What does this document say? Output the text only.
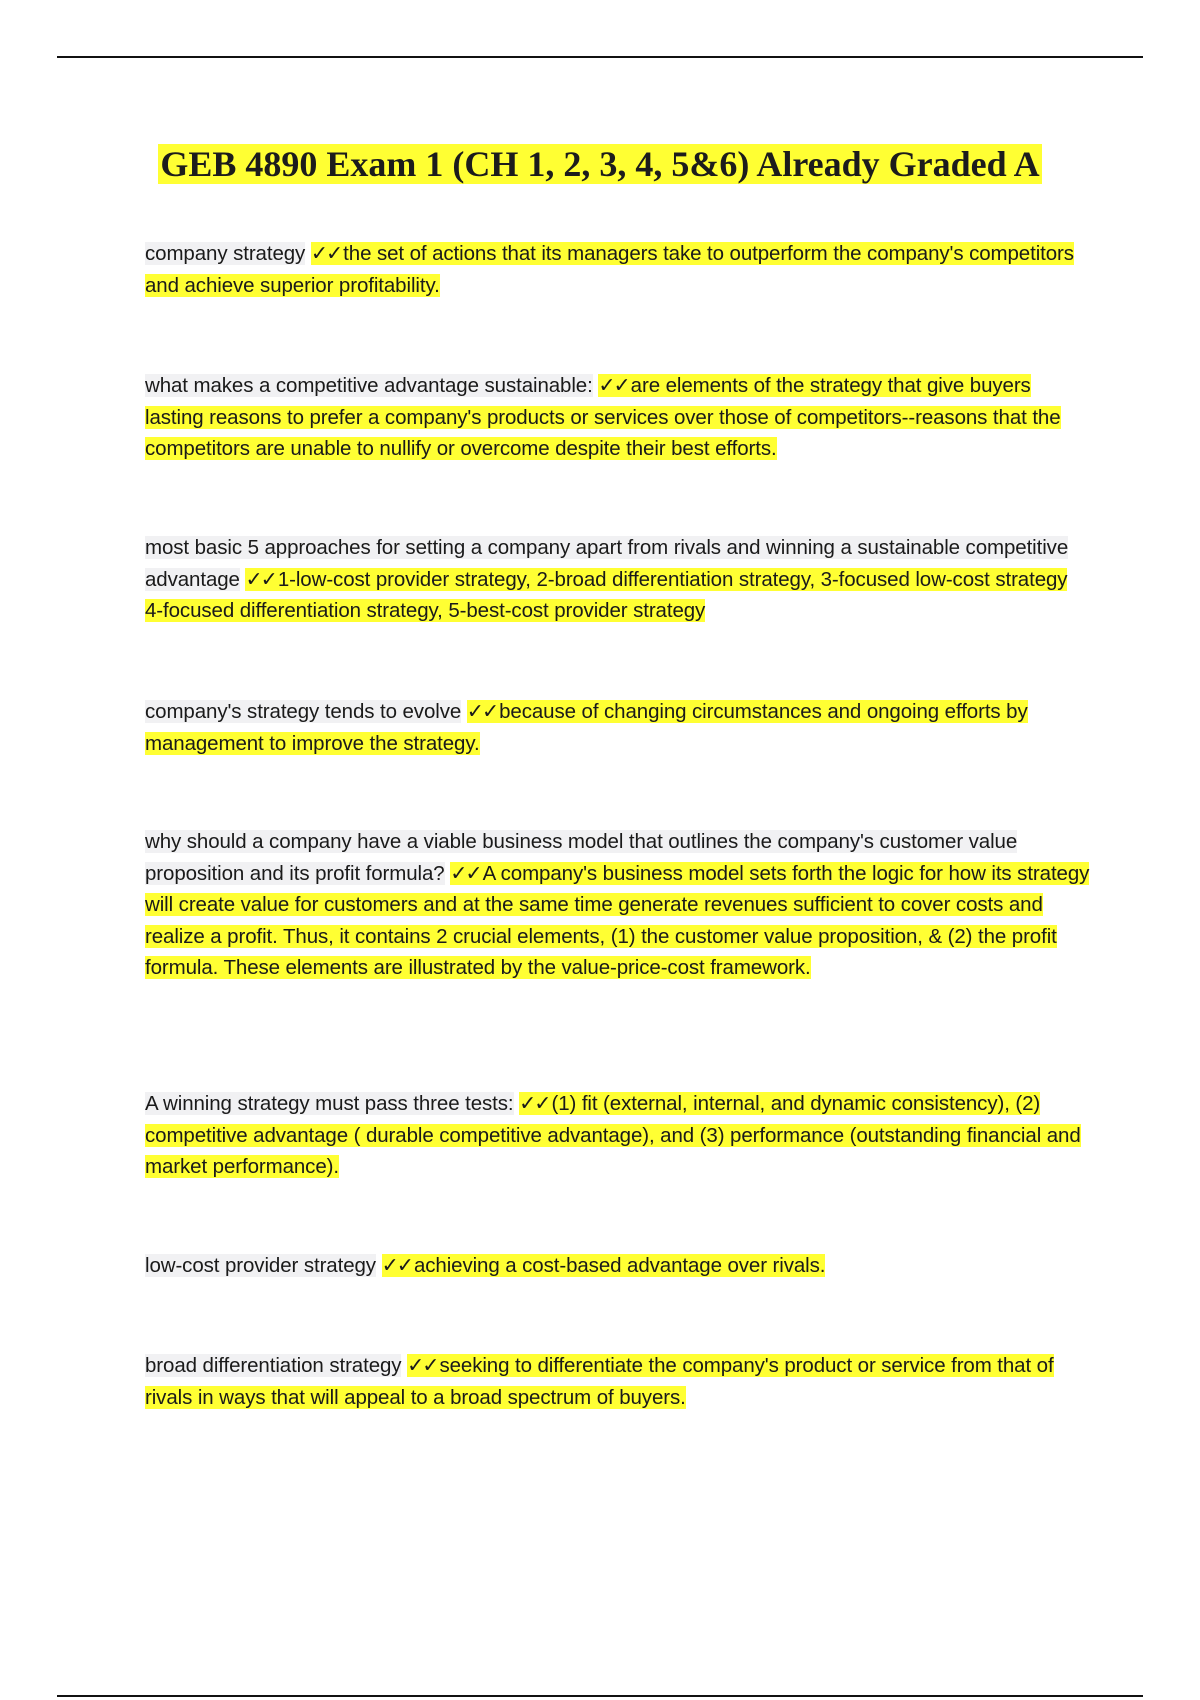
GEB 4890 Exam 1 (CH 1, 2, 3, 4, 5&6) Already Graded A
company strategy ✓✓the set of actions that its managers take to outperform the company's competitors and achieve superior profitability.
what makes a competitive advantage sustainable: ✓✓are elements of the strategy that give buyers lasting reasons to prefer a company's products or services over those of competitors--reasons that the competitors are unable to nullify or overcome despite their best efforts.
most basic 5 approaches for setting a company apart from rivals and winning a sustainable competitive advantage ✓✓1-low-cost provider strategy, 2-broad differentiation strategy, 3-focused low-cost strategy 4-focused differentiation strategy, 5-best-cost provider strategy
company's strategy tends to evolve ✓✓because of changing circumstances and ongoing efforts by management to improve the strategy.
why should a company have a viable business model that outlines the company's customer value proposition and its profit formula? ✓✓A company's business model sets forth the logic for how its strategy will create value for customers and at the same time generate revenues sufficient to cover costs and realize a profit. Thus, it contains 2 crucial elements, (1) the customer value proposition, & (2) the profit formula. These elements are illustrated by the value-price-cost framework.
A winning strategy must pass three tests: ✓✓(1) fit (external, internal, and dynamic consistency), (2) competitive advantage ( durable competitive advantage), and (3) performance (outstanding financial and market performance).
low-cost provider strategy ✓✓achieving a cost-based advantage over rivals.
broad differentiation strategy ✓✓seeking to differentiate the company's product or service from that of rivals in ways that will appeal to a broad spectrum of buyers.
